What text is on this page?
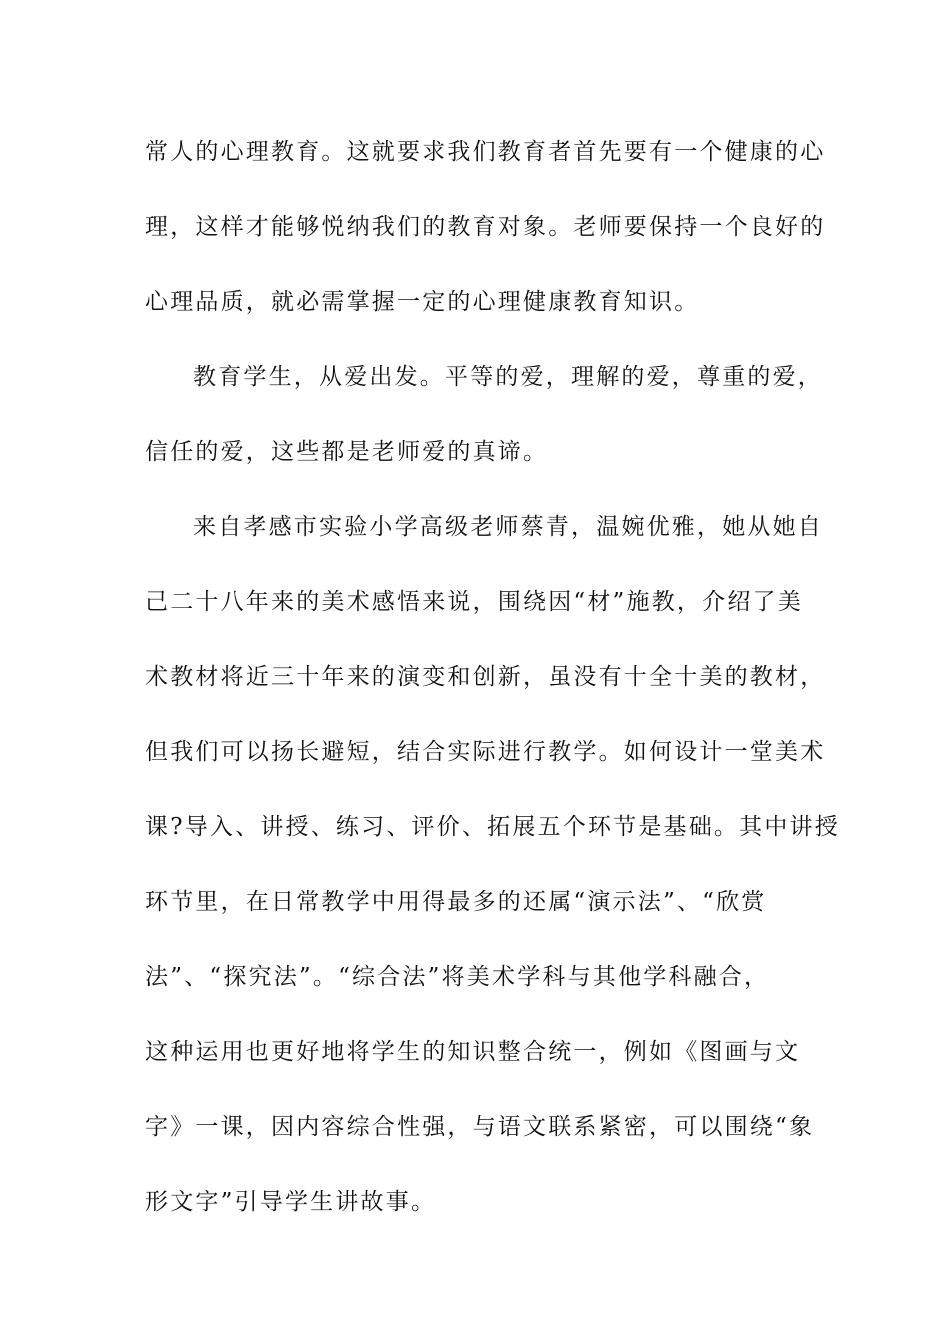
常人的心理教育。这就要求我们教育者首先要有一个健康的心
理，这样才能够悦纳我们的教育对象。老师要保持一个良好的
心理品质，就必需掌握一定的心理健康教育知识。
教育学生，从爱出发。平等的爱，理解的爱，尊重的爱，
信任的爱，这些都是老师爱的真谛。
来自孝感市实验小学高级老师蔡青，温婉优雅，她从她自
己二十八年来的美术感悟来说，围绕因“材”施教，介绍了美
术教材将近三十年来的演变和创新，虽没有十全十美的教材，
但我们可以扬长避短，结合实际进行教学。如何设计一堂美术
课?导入、讲授、练习、评价、拓展五个环节是基础。其中讲授
环节里，在日常教学中用得最多的还属“演示法”、“欣赏
法”、“探究法”。“综合法”将美术学科与其他学科融合，
这种运用也更好地将学生的知识整合统一，例如《图画与文
字》一课，因内容综合性强，与语文联系紧密，可以围绕“象
形文字”引导学生讲故事。
